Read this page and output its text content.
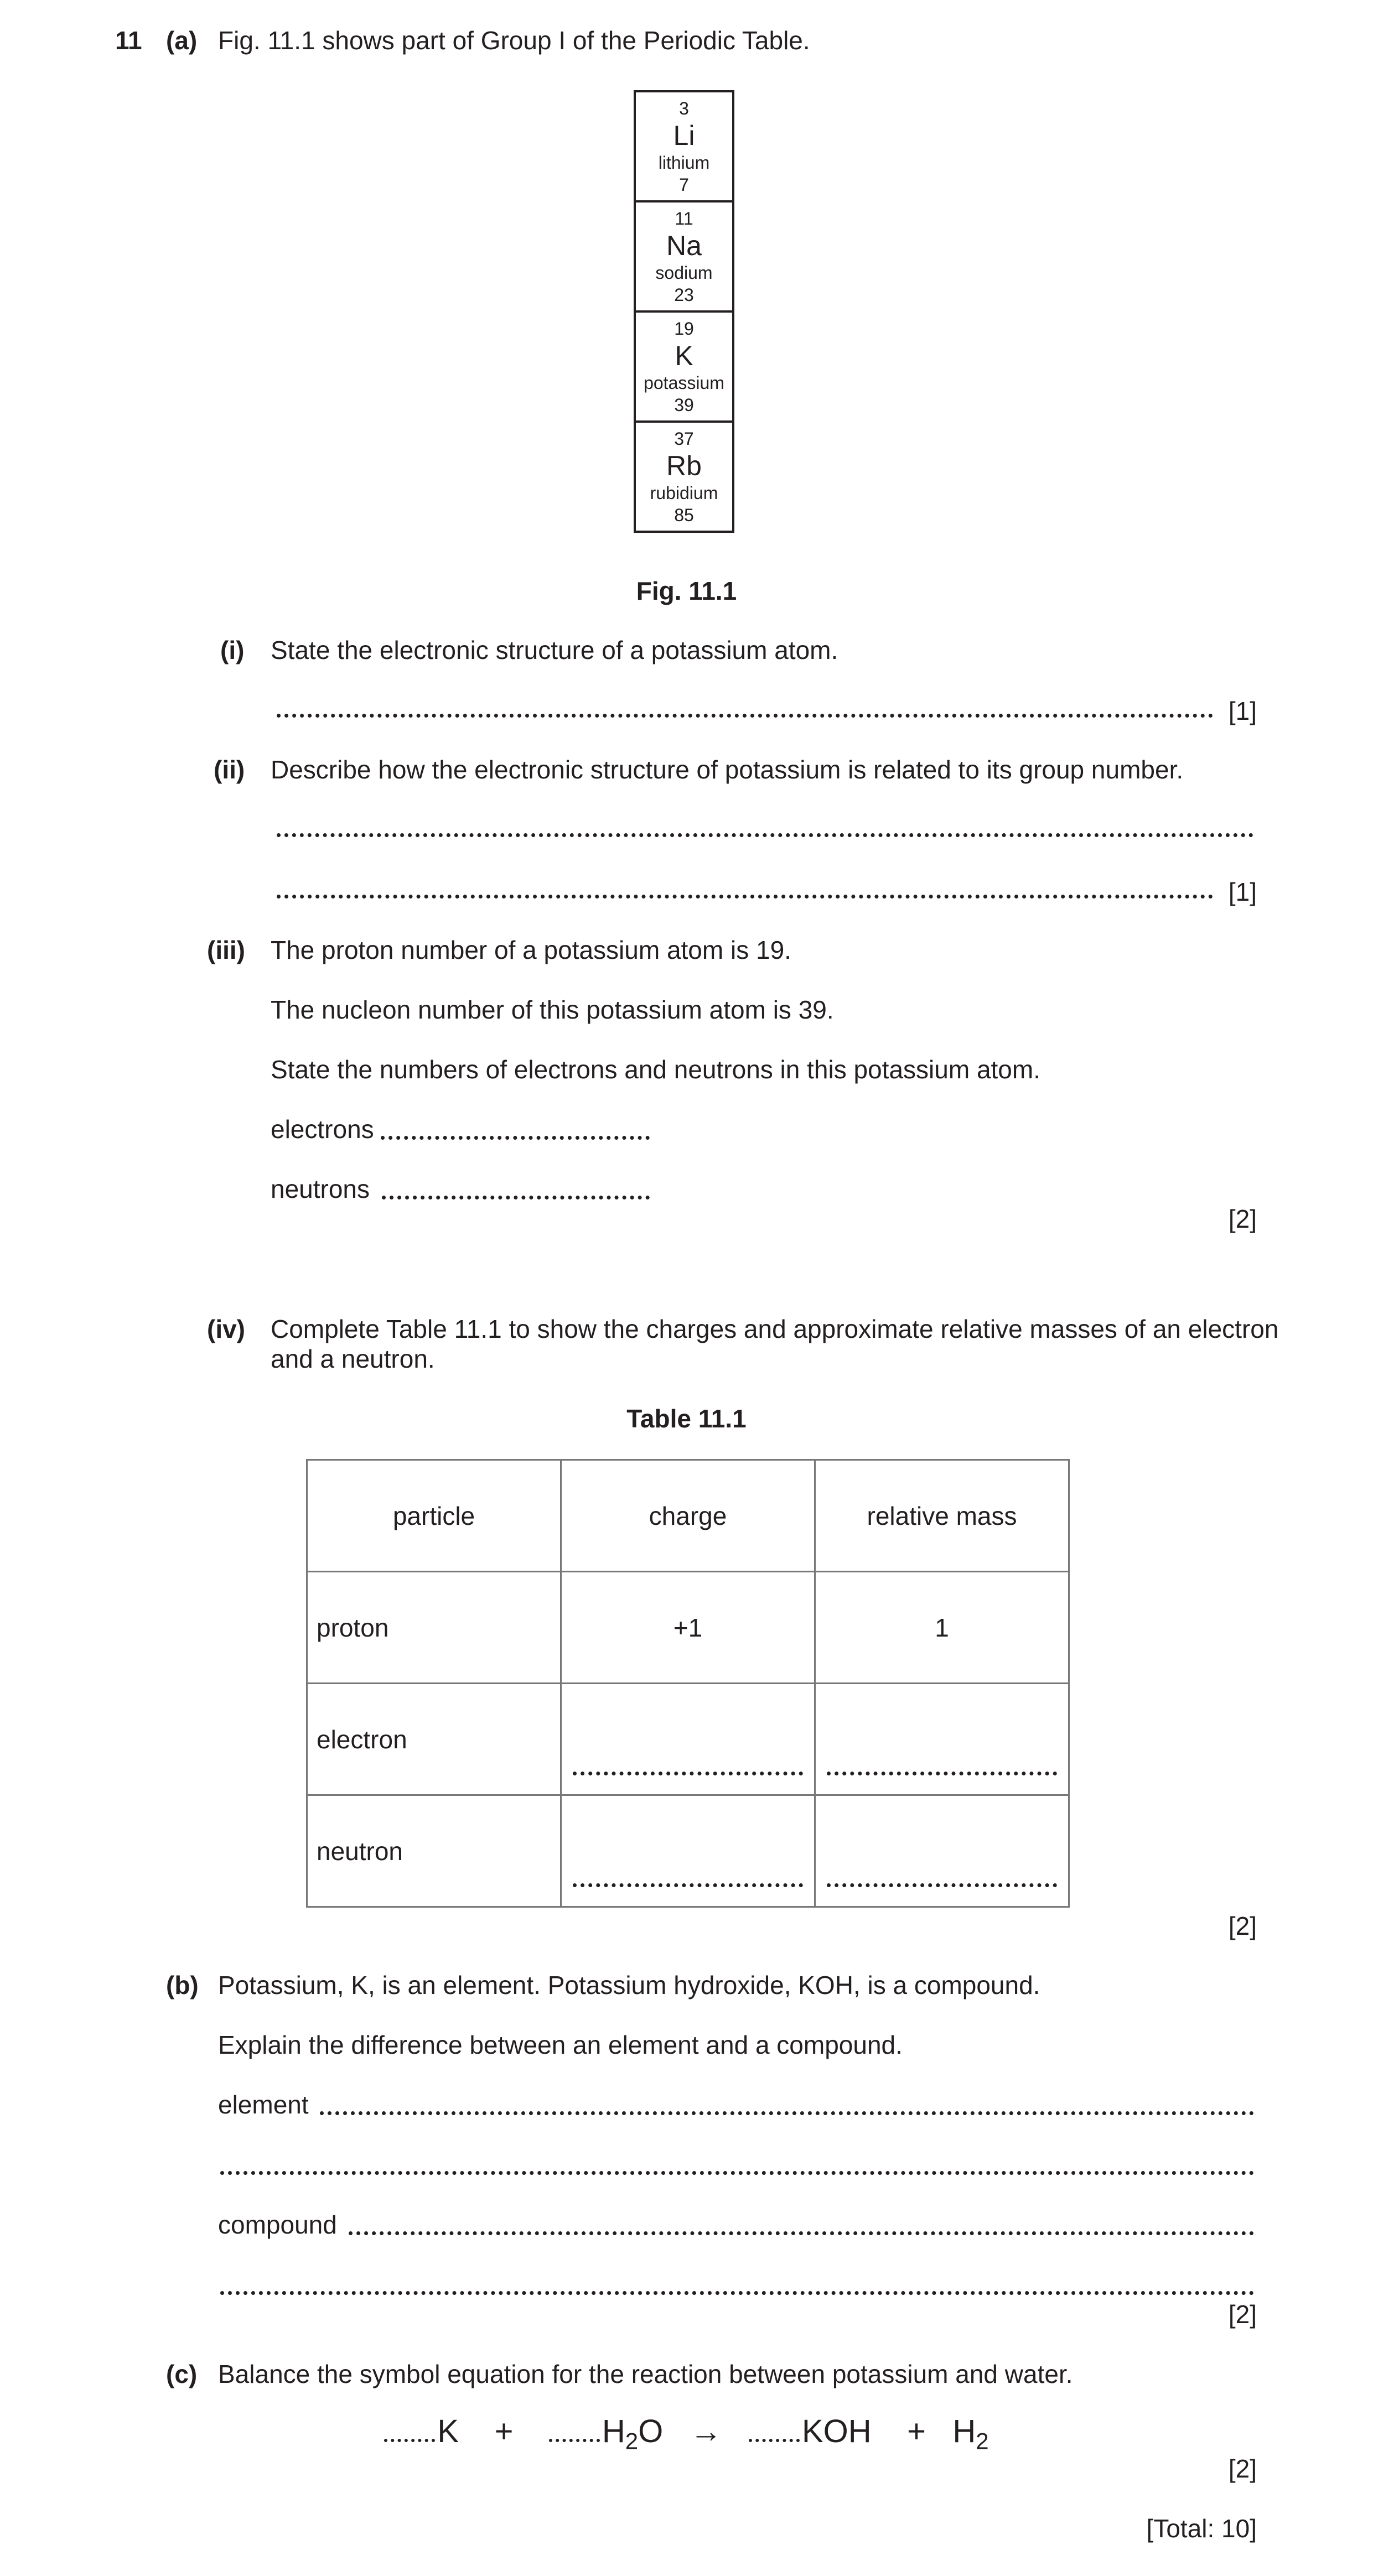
11 (a) Fig. 11.1 shows part of Group I of the Periodic Table.
3
Li
lithium
7
11
Na
sodium
23
19
K
potassium
39
37
Rb
rubidium
85
Fig. 11.1
(i) State the electronic structure of a potassium atom.
[1]
(ii) Describe how the electronic structure of potassium is related to its group number.
[1]
(iii) The proton number of a potassium atom is 19.
The nucleon number of this potassium atom is 39.
State the numbers of electrons and neutrons in this potassium atom.
electrons
neutrons
[2]
(iv) Complete Table 11.1 to show the charges and approximate relative masses of an electron
and a neutron.
Table 11.1
particle	charge	relative mass
proton	+1	1
electron	

neutron	

[2]
(b) Potassium, K, is an element. Potassium hydroxide, KOH, is a compound.
Explain the difference between an element and a compound.
element
compound
[2]
(c) Balance the symbol equation for the reaction between potassium and water.
K +	$H_2O$ → KOH + $H_2$
[2]
[Total: 10]
